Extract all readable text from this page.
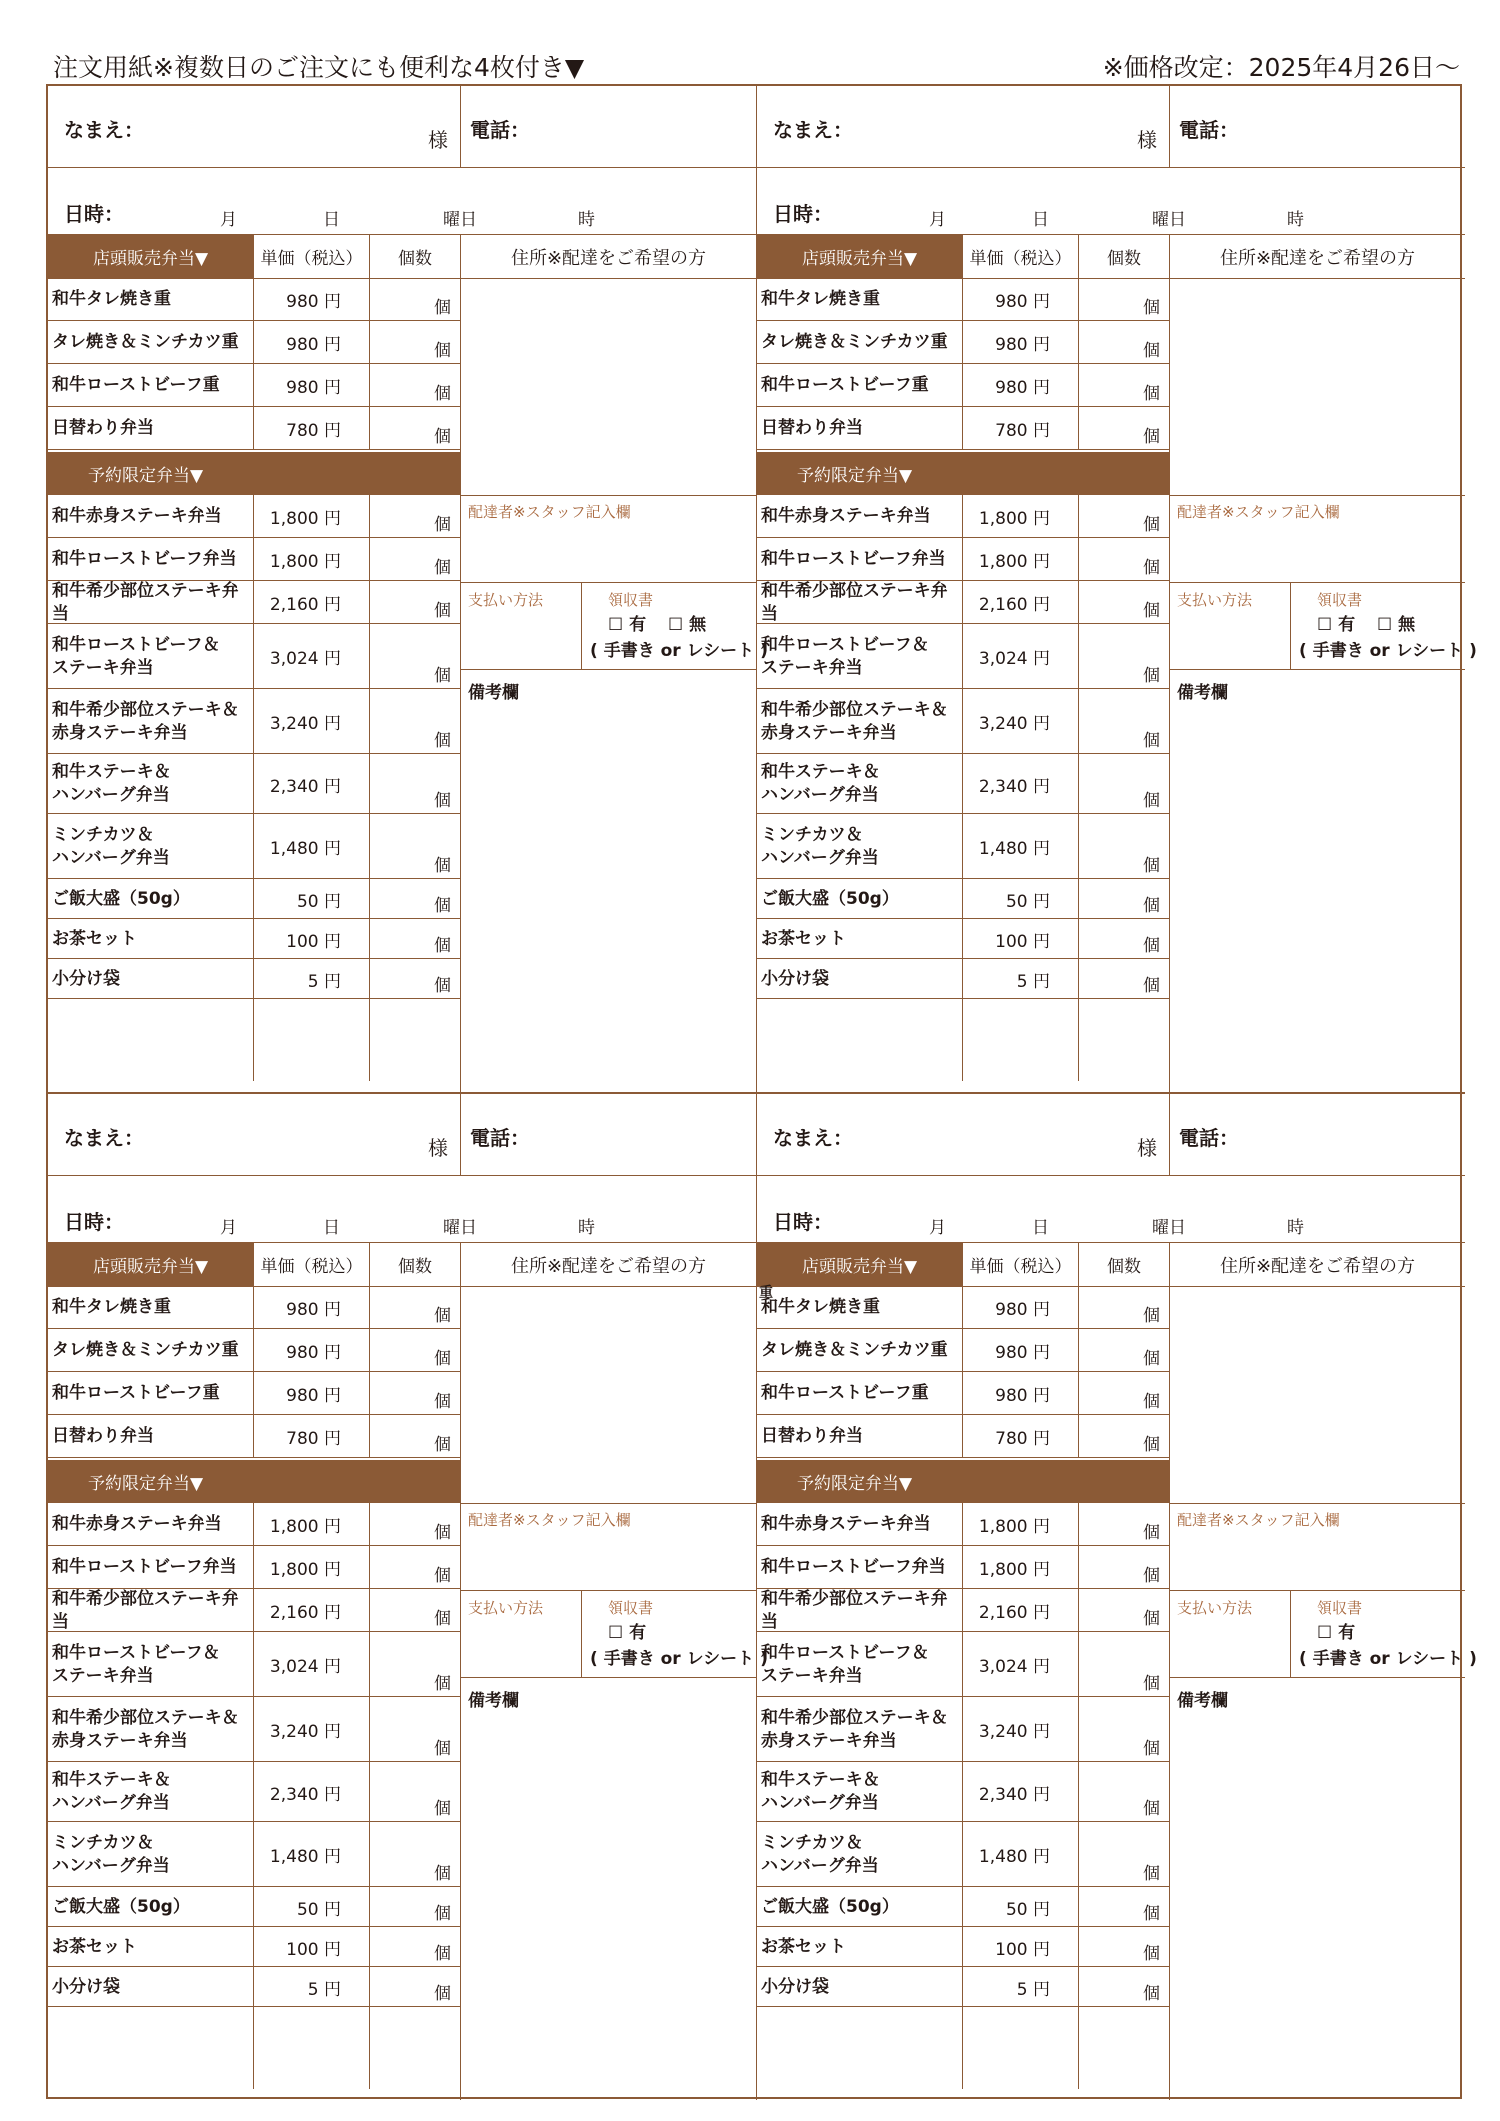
注文用紙※複数日のご注文にも便利な4枚付き▼	※価格改定：2025年4月26日〜
なまえ：	様 電話：
日時：	月	日	曜日	時
店頭販売弁当▼	単価（税込）	個数	住所※配達をご希望の方
和牛タレ焼き重	980 円	個
タレ焼き＆ミンチカツ重	980 円	個
和牛ローストビーフ重	980 円	個
日替わり弁当	780 円	個
予約限定弁当▼
和牛赤身ステーキ弁当	1,800 円	個
和牛ローストビーフ弁当	1,800 円	個
和牛希少部位ステーキ弁当	2,160 円	個
和牛ローストビーフ＆
ステーキ弁当	3,024 円
個
和牛希少部位ステーキ＆
赤身ステーキ弁当	3,240 円
個
和牛ステーキ＆
ハンバーグ弁当	2,340 円
個
ミンチカツ＆
ハンバーグ弁当	1,480 円
個
ご飯大盛（50g）	50 円	個
お茶セット	100 円	個
小分け袋	5 円	個
配達者※スタッフ記入欄
支払い方法	領収書
☐ 有 ☐ 無
( 手書き or レシート )
備考欄
なまえ：	様 電話：
日時：	月	日	曜日	時
店頭販売弁当▼	単価（税込）	個数	住所※配達をご希望の方
和牛タレ焼き重	980 円	個
タレ焼き＆ミンチカツ重	980 円	個
和牛ローストビーフ重	980 円	個
日替わり弁当	780 円	個
予約限定弁当▼
和牛赤身ステーキ弁当	1,800 円	個
和牛ローストビーフ弁当	1,800 円	個
和牛希少部位ステーキ弁当	2,160 円	個
和牛ローストビーフ＆
ステーキ弁当	3,024 円
個
和牛希少部位ステーキ＆
赤身ステーキ弁当	3,240 円
個
和牛ステーキ＆
ハンバーグ弁当	2,340 円
個
ミンチカツ＆
ハンバーグ弁当	1,480 円
個
ご飯大盛（50g）	50 円	個
お茶セット	100 円	個
小分け袋	5 円	個
配達者※スタッフ記入欄
支払い方法	領収書
☐ 有 ☐ 無
( 手書き or レシート )
備考欄
なまえ：	様 電話：
日時：	月	日	曜日	時
店頭販売弁当▼	単価（税込）	個数	住所※配達をご希望の方
和牛タレ焼き重	980 円	個
タレ焼き＆ミンチカツ重	980 円	個
和牛ローストビーフ重	980 円	個
日替わり弁当	780 円	個
予約限定弁当▼
和牛赤身ステーキ弁当	1,800 円	個
和牛ローストビーフ弁当	1,800 円	個
和牛希少部位ステーキ弁当	2,160 円	個
和牛ローストビーフ＆
ステーキ弁当	3,024 円
個
和牛希少部位ステーキ＆
赤身ステーキ弁当	3,240 円
個
和牛ステーキ＆
ハンバーグ弁当	2,340 円
個
ミンチカツ＆
ハンバーグ弁当	1,480 円
個
ご飯大盛（50g）	50 円	個
お茶セット	100 円	個
小分け袋	5 円	個
配達者※スタッフ記入欄
支払い方法	領収書
☐ 有
( 手書き or レシート )
備考欄
なまえ：	様 電話：
日時：	月	日	曜日	時
店頭販売弁当▼	単価（税込）	個数	住所※配達をご希望の方
和牛タレ焼き重	980 円	個
タレ焼き＆ミンチカツ重	980 円	個
和牛ローストビーフ重	980 円	個
日替わり弁当	780 円	個
予約限定弁当▼
和牛赤身ステーキ弁当	1,800 円	個
和牛ローストビーフ弁当	1,800 円	個
和牛希少部位ステーキ弁当	2,160 円	個
和牛ローストビーフ＆
ステーキ弁当	3,024 円
個
和牛希少部位ステーキ＆
赤身ステーキ弁当	3,240 円
個
和牛ステーキ＆
ハンバーグ弁当	2,340 円
個
ミンチカツ＆
ハンバーグ弁当	1,480 円
個
ご飯大盛（50g）	50 円	個
お茶セット	100 円	個
小分け袋	5 円	個
配達者※スタッフ記入欄
支払い方法	領収書
☐ 有
( 手書き or レシート )
備考欄
重
